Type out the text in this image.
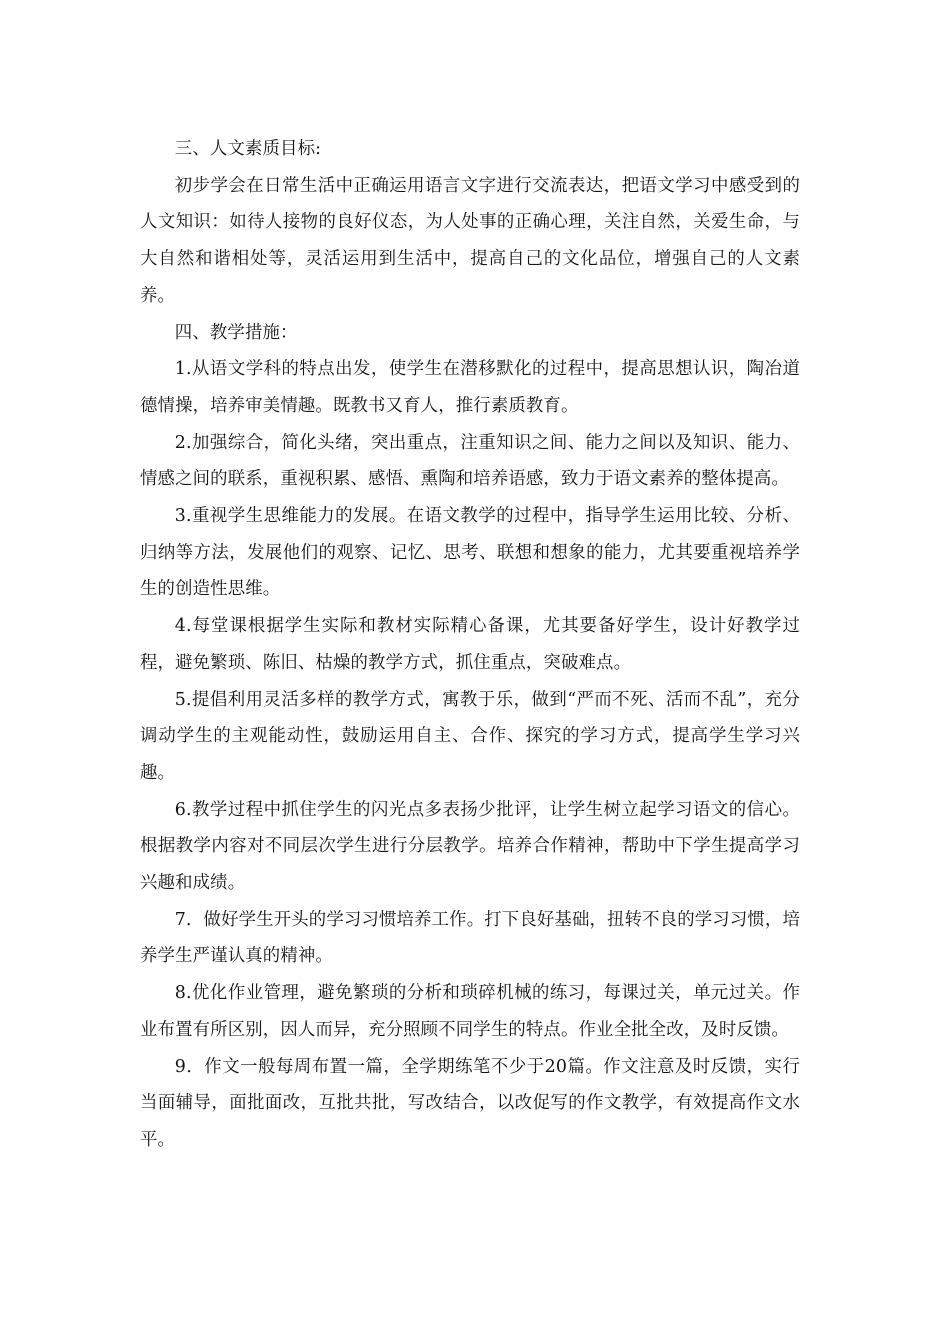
三、人文素质目标:

初步学会在日常生活中正确运用语言文字进行交流表达，把语文学习中感受到的人文知识：如待人接物的良好仪态，为人处事的正确心理，关注自然，关爱生命，与大自然和谐相处等，灵活运用到生活中，提高自己的文化品位，增强自己的人文素养。

四、教学措施：

1.从语文学科的特点出发，使学生在潜移默化的过程中，提高思想认识，陶冶道德情操，培养审美情趣。既教书又育人，推行素质教育。

2.加强综合，简化头绪，突出重点，注重知识之间、能力之间以及知识、能力、情感之间的联系，重视积累、感悟、熏陶和培养语感，致力于语文素养的整体提高。

3.重视学生思维能力的发展。在语文教学的过程中，指导学生运用比较、分析、归纳等方法，发展他们的观察、记忆、思考、联想和想象的能力，尤其要重视培养学生的创造性思维。

4.每堂课根据学生实际和教材实际精心备课，尤其要备好学生，设计好教学过程，避免繁琐、陈旧、枯燥的教学方式，抓住重点，突破难点。

5.提倡利用灵活多样的教学方式，寓教于乐，做到“严而不死、活而不乱”，充分调动学生的主观能动性，鼓励运用自主、合作、探究的学习方式，提高学生学习兴趣。

6.教学过程中抓住学生的闪光点多表扬少批评，让学生树立起学习语文的信心。根据教学内容对不同层次学生进行分层教学。培养合作精神，帮助中下学生提高学习兴趣和成绩。

7．做好学生开头的学习习惯培养工作。打下良好基础，扭转不良的学习习惯，培养学生严谨认真的精神。

8.优化作业管理，避免繁琐的分析和琐碎机械的练习，每课过关，单元过关。作业布置有所区别，因人而异，充分照顾不同学生的特点。作业全批全改，及时反馈。

9．作文一般每周布置一篇，全学期练笔不少于20篇。作文注意及时反馈，实行当面辅导，面批面改，互批共批，写改结合，以改促写的作文教学，有效提高作文水平。
